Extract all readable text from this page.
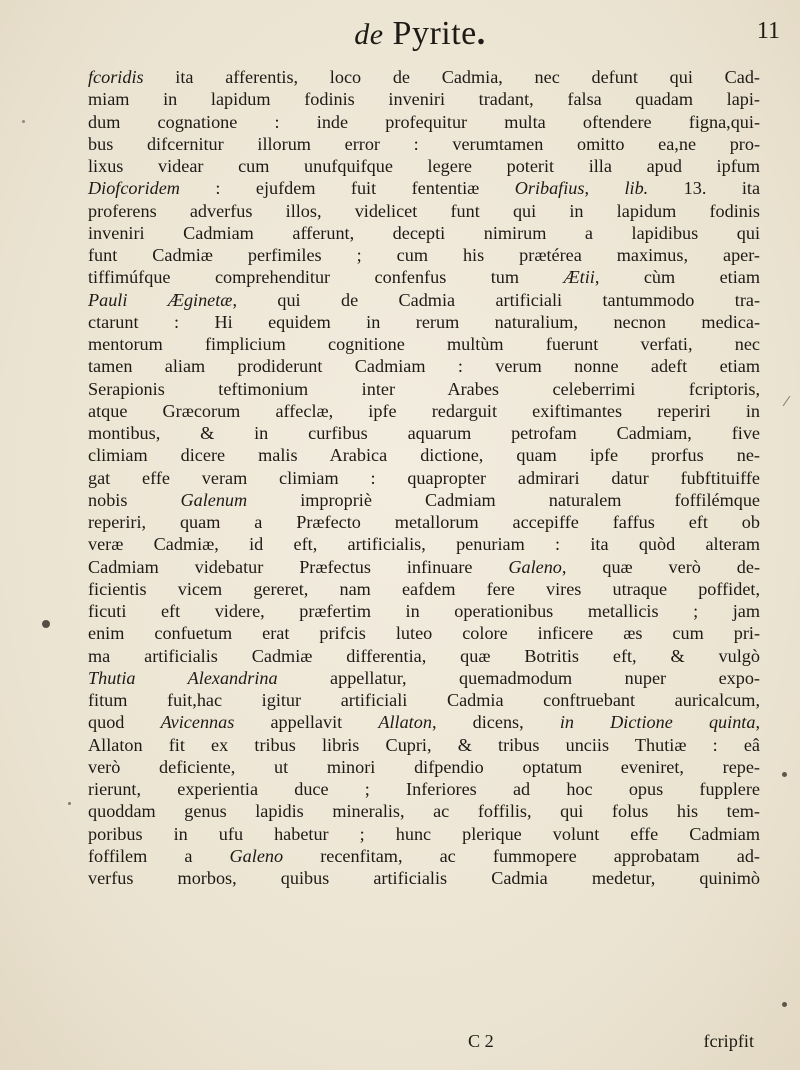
de Pyrite.	11
fcoridis ita afferentis, loco de Cadmia, nec defunt qui Cad-
miam in lapidum fodinis inveniri tradant, falsa quadam lapi-
dum cognatione : inde profequitur multa oftendere figna,qui-
bus difcernitur illorum error : verumtamen omitto ea,ne pro-
lixus videar cum unufquifque legere poterit illa apud ipfum
Diofcoridem : ejufdem fuit fententiæ Oribafius, lib. 13. ita
proferens adverfus illos, videlicet funt qui in lapidum fodinis
inveniri Cadmiam afferunt, decepti nimirum a lapidibus qui
funt Cadmiæ perfimiles ; cum his prætérea maximus, aper-
tiffimúfque comprehenditur confenfus tum Ætii, cùm etiam
Pauli Æginetæ, qui de Cadmia artificiali tantummodo tra-
ctarunt : Hi equidem in rerum naturalium, necnon medica-
mentorum fimplicium cognitione multùm fuerunt verfati, nec
tamen aliam prodiderunt Cadmiam : verum nonne adeft etiam
Serapionis teftimonium inter Arabes celeberrimi fcriptoris,
atque Græcorum affeclæ, ipfe redarguit exiftimantes reperiri in
montibus, & in curfibus aquarum petrofam Cadmiam, five
climiam dicere malis Arabica dictione, quam ipfe prorfus ne-
gat effe veram climiam : quapropter admirari datur fubftituiffe
nobis Galenum impropriè Cadmiam naturalem foffilémque
reperiri, quam a Præfecto metallorum accepiffe faffus eft ob
veræ Cadmiæ, id eft, artificialis, penuriam : ita quòd alteram
Cadmiam videbatur Præfectus infinuare Galeno, quæ verò de-
ficientis vicem gereret, nam eafdem fere vires utraque poffidet,
ficuti eft videre, præfertim in operationibus metallicis ; jam
enim confuetum erat prifcis luteo colore inficere æs cum pri-
ma artificialis Cadmiæ differentia, quæ Botritis eft, & vulgò
Thutia Alexandrina appellatur, quemadmodum nuper expo-
fitum fuit,hac igitur artificiali Cadmia conftruebant auricalcum,
quod Avicennas appellavit Allaton, dicens, in Dictione quinta,
Allaton fit ex tribus libris Cupri, & tribus unciis Thutiæ : eâ
verò deficiente, ut minori difpendio optatum eveniret, repe-
rierunt, experientia duce ; Inferiores ad hoc opus fupplere
quoddam genus lapidis mineralis, ac foffilis, qui folus his tem-
poribus in ufu habetur ; hunc plerique volunt effe Cadmiam
foffilem a Galeno recenfitam, ac fummopere approbatam ad-
verfus morbos, quibus artificialis Cadmia medetur, quinimò
C 2	fcripfit
